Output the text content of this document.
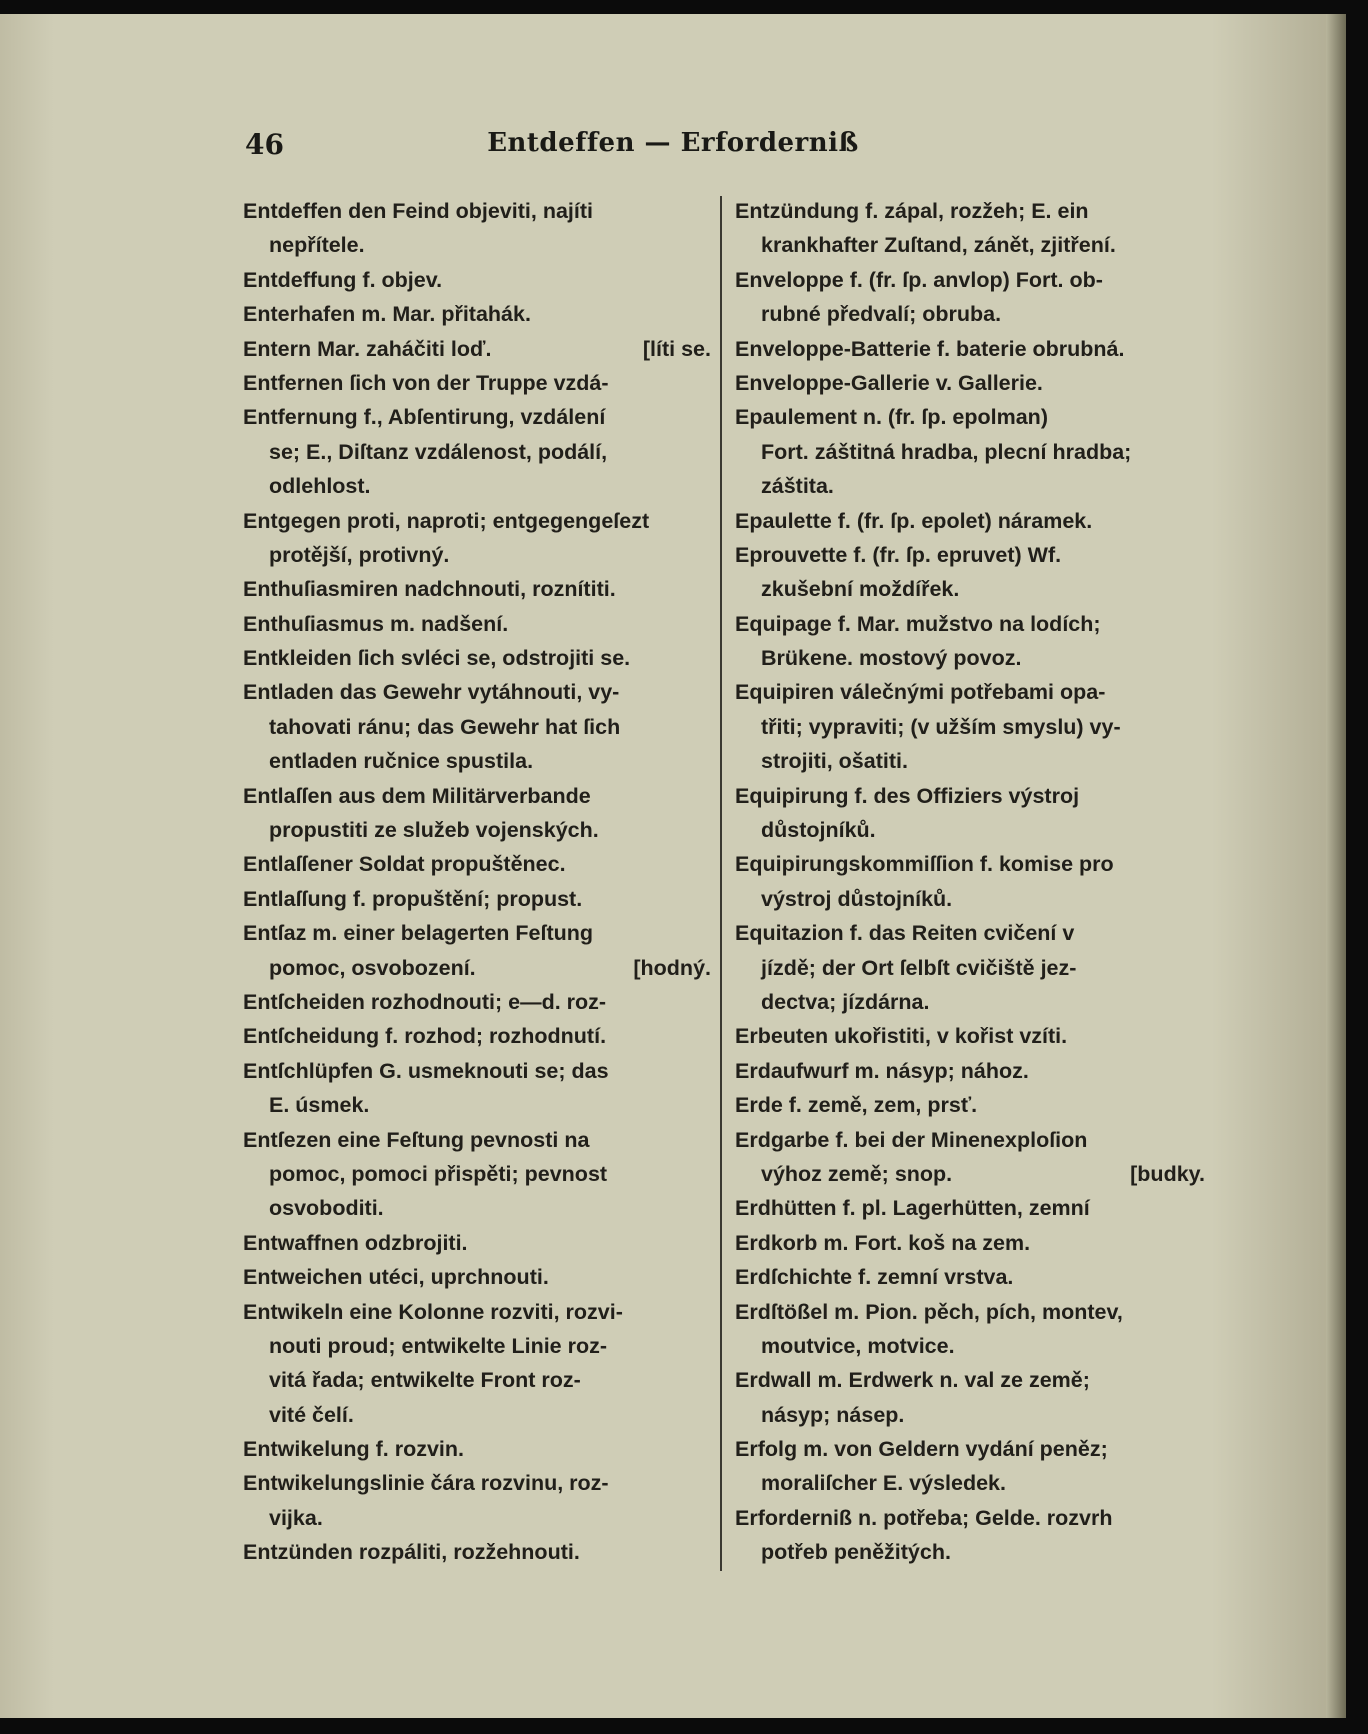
46	Entdeffen — Erforderniß
Entdeffen den Feind objeviti, najíti
nepřítele.
Entdeffung f. objev.
Enterhafen m. Mar. přitahák.
[líti se.
Entern Mar. zaháčiti loď.
Entfernen ſich von der Truppe vzdá-
Entfernung f., Abſentirung, vzdálení
se; E., Diſtanz vzdálenost, podálí,
odlehlost.
Entgegen proti, naproti; entgegengeſezt
protější, protivný.
Enthuſiasmiren nadchnouti, roznítiti.
Enthuſiasmus m. nadšení.
Entkleiden ſich svléci se, odstrojiti se.
Entladen das Gewehr vytáhnouti, vy-
tahovati ránu; das Gewehr hat ſich
entladen ručnice spustila.
Entlaſſen aus dem Militärverbande
propustiti ze služeb vojenských.
Entlaſſener Soldat propuštěnec.
Entlaſſung f. propuštění; propust.
Entſaz m. einer belagerten Feſtung
[hodný.
pomoc, osvobození.
Entſcheiden rozhodnouti; e—d. roz-
Entſcheidung f. rozhod; rozhodnutí.
Entſchlüpfen G. usmeknouti se; das
E. úsmek.
Entſezen eine Feſtung pevnosti na
pomoc, pomoci přispěti; pevnost
osvoboditi.
Entwaffnen odzbrojiti.
Entweichen utéci, uprchnouti.
Entwikeln eine Kolonne rozviti, rozvi-
nouti proud; entwikelte Linie roz-
vitá řada; entwikelte Front roz-
vité čelí.
Entwikelung f. rozvin.
Entwikelungslinie čára rozvinu, roz-
vijka.
Entzünden rozpáliti, rozžehnouti.
Entzündung f. zápal, rozžeh; E. ein
krankhafter Zuſtand, zánět, zjitření.
Enveloppe f. (fr. ſp. anvlop) Fort. ob-
rubné předvalí; obruba.
Enveloppe-Batterie f. baterie obrubná.
Enveloppe-Gallerie v. Gallerie.
Epaulement n. (fr. ſp. epolman)
Fort. záštitná hradba, plecní hradba;
záštita.
Epaulette f. (fr. ſp. epolet) náramek.
Eprouvette f. (fr. ſp. epruvet) Wf.
zkušební moždířek.
Equipage f. Mar. mužstvo na lodích;
Brükene. mostový povoz.
Equipiren válečnými potřebami opa-
třiti; vypraviti; (v užším smyslu) vy-
strojiti, ošatiti.
Equipirung f. des Offiziers výstroj
důstojníků.
Equipirungskommiſſion f. komise pro
výstroj důstojníků.
Equitazion f. das Reiten cvičení v
jízdě; der Ort ſelbſt cvičiště jez-
dectva; jízdárna.
Erbeuten ukořistiti, v kořist vzíti.
Erdaufwurf m. násyp; nához.
Erde f. země, zem, prsť.
Erdgarbe f. bei der Minenexploſion
[budky.
výhoz země; snop.
Erdhütten f. pl. Lagerhütten, zemní
Erdkorb m. Fort. koš na zem.
Erdſchichte f. zemní vrstva.
Erdſtößel m. Pion. pěch, pích, montev,
moutvice, motvice.
Erdwall m. Erdwerk n. val ze země;
násyp; násep.
Erfolg m. von Geldern vydání peněz;
moraliſcher E. výsledek.
Erforderniß n. potřeba; Gelde. rozvrh
potřeb peněžitých.
